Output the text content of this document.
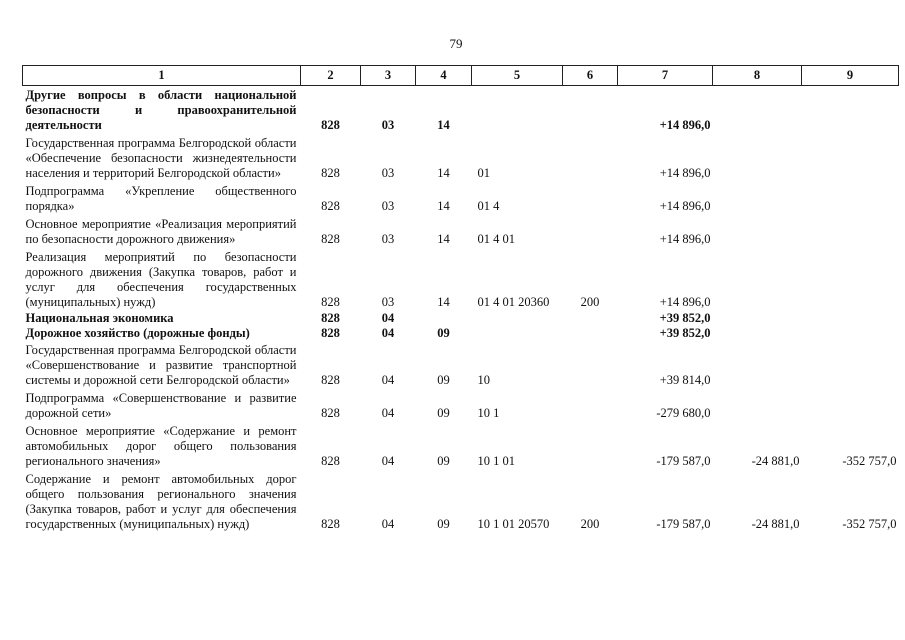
79
1	2	3	4	5	6	7	8	9
Другие вопросы в области национальной безопасности и правоохранительной деятельности	828	03	14			+14 896,0		
Государственная программа Белгородской области «Обеспечение безопасности жизнедеятельности населения и территорий Белгородской области»	828	03	14	01		+14 896,0		
Подпрограмма «Укрепление общественного порядка»	828	03	14	01 4		+14 896,0		
Основное мероприятие «Реализация мероприятий по безопасности дорожного движения»	828	03	14	01 4 01		+14 896,0		
Реализация мероприятий по безопасности дорожного движения (Закупка товаров, работ и услуг для обеспечения государственных (муниципальных) нужд)	828	03	14	01 4 01 20360	200	+14 896,0		
Национальная экономика	828	04				+39 852,0		
Дорожное хозяйство (дорожные фонды)	828	04	09			+39 852,0		
Государственная программа Белгородской области «Совершенствование и развитие транспортной системы и дорожной сети Белгородской области»	828	04	09	10		+39 814,0		
Подпрограмма «Совершенствование и развитие дорожной сети»	828	04	09	10 1		-279 680,0		
Основное мероприятие «Содержание и ремонт автомобильных дорог общего пользования регионального значения»	828	04	09	10 1 01		-179 587,0	-24 881,0	-352 757,0
Содержание и ремонт автомобильных дорог общего пользования регионального значения (Закупка товаров, работ и услуг для обеспечения государственных (муниципальных) нужд)	828	04	09	10 1 01 20570	200	-179 587,0	-24 881,0	-352 757,0
